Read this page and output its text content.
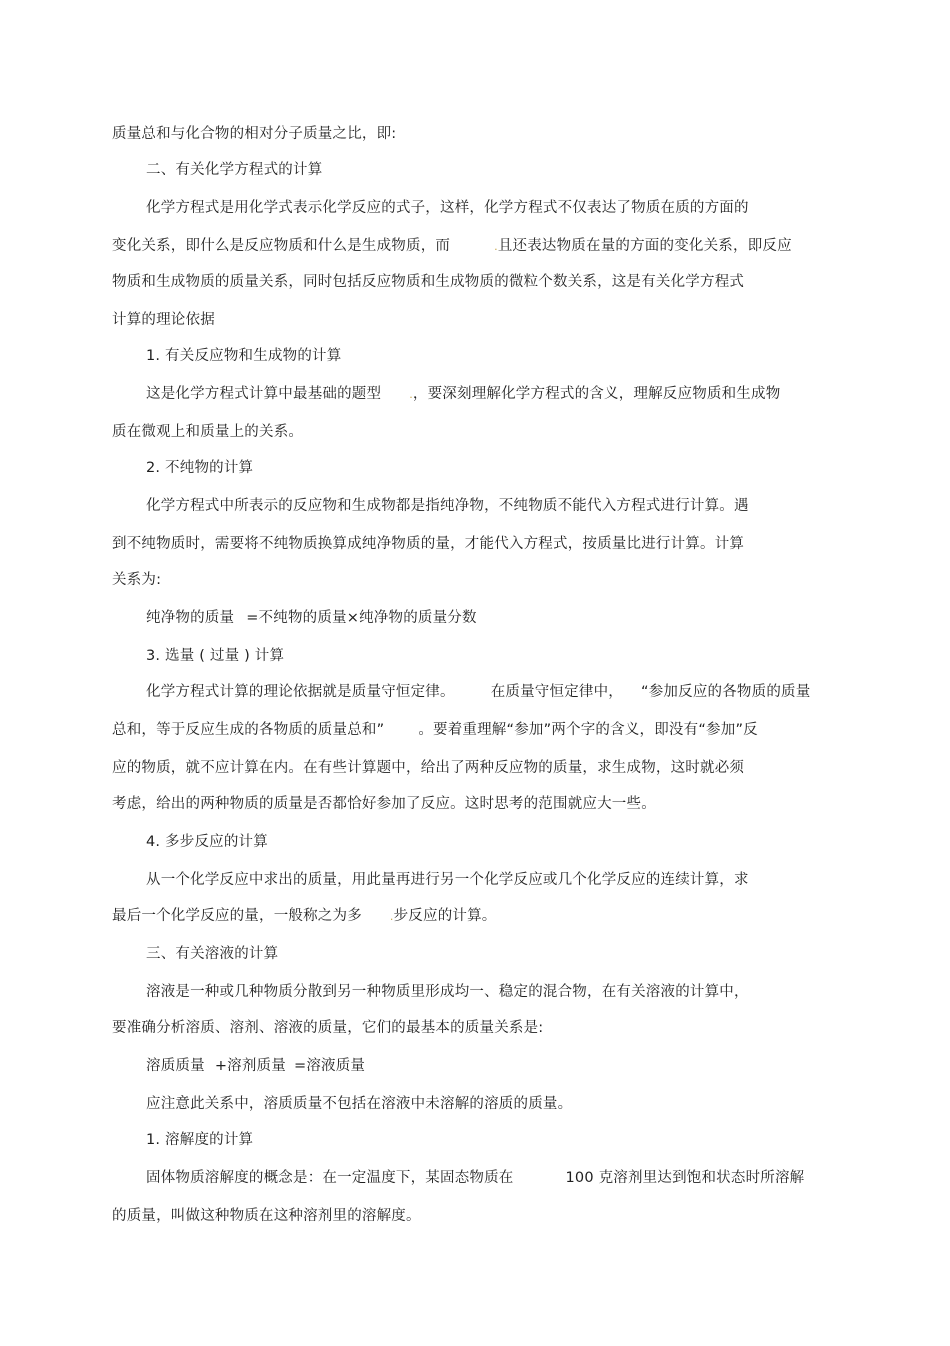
质量总和与化合物的相对分子质量之比，即:
二、有关化学方程式的计算
化学方程式是用化学式表示化学反应的式子，这样，化学方程式不仅表达了物质在质的方面的
变化关系，即什么是反应物质和什么是生成物质，而	.且还表达物质在量的方面的变化关系，即反应
物质和生成物质的质量关系，同时包括反应物质和生成物质的微粒个数关系，这是有关化学方程式
计算的理论依据
1. 有关反应物和生成物的计算
这是化学方程式计算中最基础的题型	.，要深刻理解化学方程式的含义，理解反应物质和生成物
质在微观上和质量上的关系。
2. 不纯物的计算
化学方程式中所表示的反应物和生成物都是指纯净物，不纯物质不能代入方程式进行计算。遇
到不纯物质时，需要将不纯物质换算成纯净物质的量，才能代入方程式，按质量比进行计算。计算
关系为:
纯净物的质量 =不纯物的质量×纯净物的质量分数
3. 选量 ( 过量 ) 计算
化学方程式计算的理论依据就是质量守恒定律。 在质量守恒定律中， “参加反应的各物质的质量
总和，等于反应生成的各物质的质量总和” 。要着重理解“参加”两个字的含义，即没有“参加”反
应的物质，就不应计算在内。在有些计算题中，给出了两种反应物的质量，求生成物，这时就必须
考虑，给出的两种物质的质量是否都恰好参加了反应。这时思考的范围就应大一些。
4. 多步反应的计算
从一个化学反应中求出的质量，用此量再进行另一个化学反应或几个化学反应的连续计算，求
最后一个化学反应的量，一般称之为多	.步反应的计算。
三、有关溶液的计算
溶液是一种或几种物质分散到另一种物质里形成均一、稳定的混合物，在有关溶液的计算中，
要准确分析溶质、溶剂、溶液的质量，它们的最基本的质量关系是:
溶质质量 +溶剂质量 =溶液质量
应注意此关系中，溶质质量不包括在溶液中未溶解的溶质的质量。
1. 溶解度的计算
固体物质溶解度的概念是：在一定温度下，某固态物质在	100 克溶剂里达到饱和状态时所溶解
的质量，叫做这种物质在这种溶剂里的溶解度。
